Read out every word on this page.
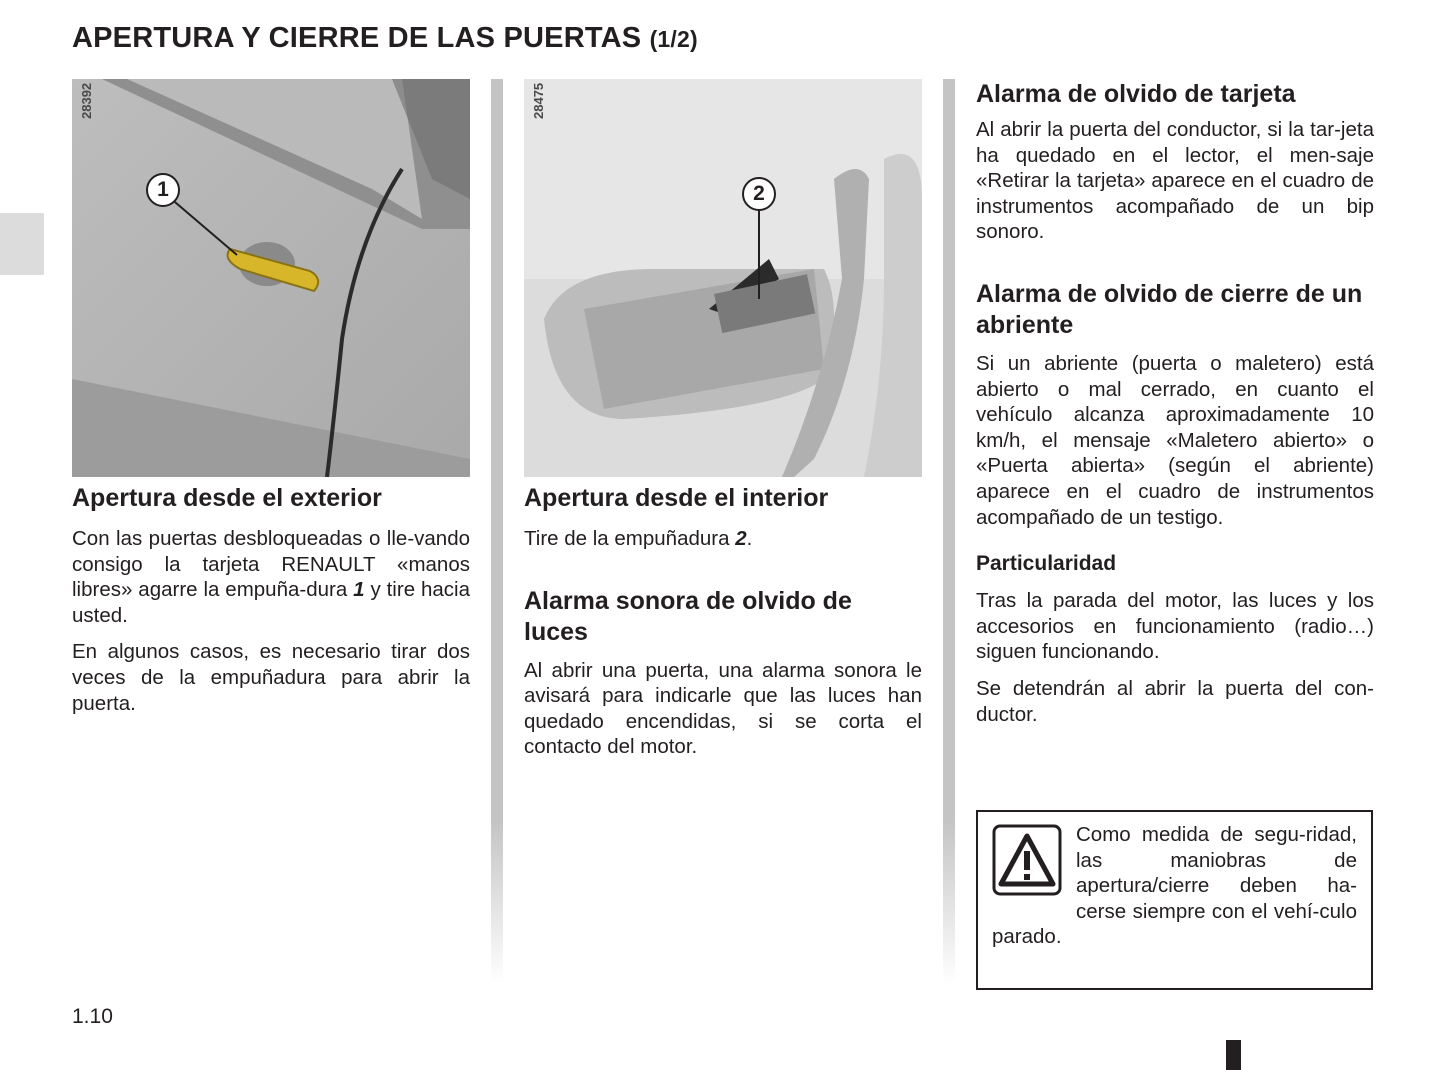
APERTURA Y CIERRE DE LAS PUERTAS (1/2)
28392
1
Apertura desde el exterior

Con las puertas desbloqueadas o lle-vando consigo la tarjeta RENAULT «manos libres» agarre la empuña-dura 1 y tire hacia usted.

En algunos casos, es necesario tirar dos veces de la empuñadura para abrir la puerta.

28475
2
Apertura desde el interior

Tire de la empuñadura 2.

Alarma sonora de olvido de luces

Al abrir una puerta, una alarma sonora le avisará para indicarle que las luces han quedado encendidas, si se corta el contacto del motor.

Alarma de olvido de tarjeta

Al abrir la puerta del conductor, si la tar-jeta ha quedado en el lector, el men-saje «Retirar la tarjeta» aparece en el cuadro de instrumentos acompañado de un bip sonoro.

Alarma de olvido de cierre de un abriente

Si un abriente (puerta o maletero) está abierto o mal cerrado, en cuanto el vehículo alcanza aproximadamente 10 km/h, el mensaje «Maletero abierto» o «Puerta abierta» (según el abriente) aparece en el cuadro de instrumentos acompañado de un testigo.

Particularidad

Tras la parada del motor, las luces y los accesorios en funcionamiento (radio…) siguen funcionando.

Se detendrán al abrir la puerta del con-ductor.

Como medida de segu-ridad, las maniobras de apertura/cierre deben ha-cerse siempre con el vehí-culo parado.

1.10
